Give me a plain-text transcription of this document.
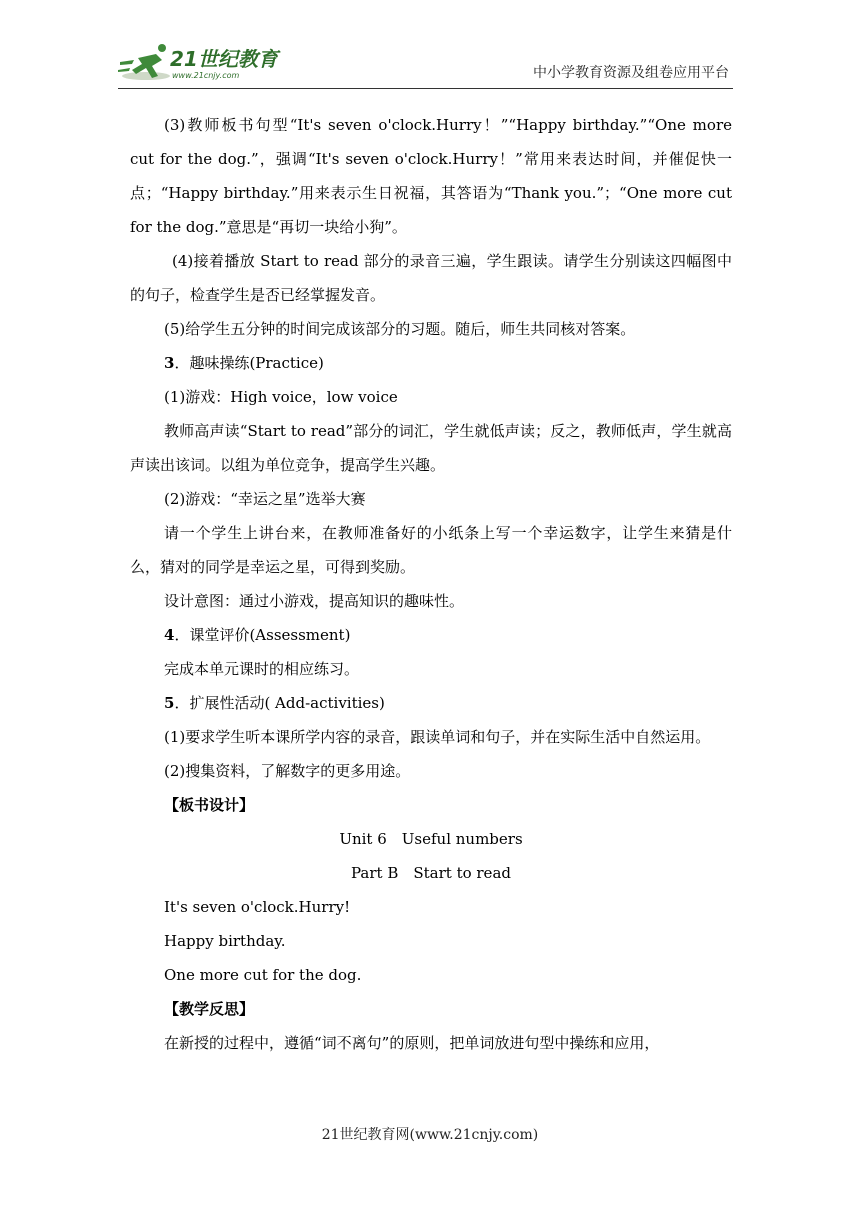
21世纪教育
www.21cnjy.com	中小学教育资源及组卷应用平台

(3)教师板书句型“It's seven o'clock.Hurry！”“Happy birthday.”“One more cut for the dog.”，强调“It's seven o'clock.Hurry！”常用来表达时间，并催促快一点；“Happy birthday.”用来表示生日祝福，其答语为“Thank you.”；“One more cut for the dog.”意思是“再切一块给小狗”。

(4)接着播放 Start to read 部分的录音三遍，学生跟读。请学生分别读这四幅图中的句子，检查学生是否已经掌握发音。

(5)给学生五分钟的时间完成该部分的习题。随后，师生共同核对答案。

3．趣味操练(Practice)

(1)游戏：High voice，low voice

教师高声读“Start to read”部分的词汇，学生就低声读；反之，教师低声，学生就高声读出该词。以组为单位竞争，提高学生兴趣。

(2)游戏：“幸运之星”选举大赛

请一个学生上讲台来，在教师准备好的小纸条上写一个幸运数字，让学生来猜是什么，猜对的同学是幸运之星，可得到奖励。

设计意图：通过小游戏，提高知识的趣味性。

4．课堂评价(Assessment)

完成本单元课时的相应练习。

5．扩展性活动( Add-activities)

(1)要求学生听本课所学内容的录音，跟读单词和句子，并在实际生活中自然运用。

(2)搜集资料，了解数字的更多用途。

【板书设计】

Unit 6　Useful numbers

Part B　Start to read

It's seven o'clock.Hurry!

Happy birthday.

One more cut for the dog.

【教学反思】

在新授的过程中，遵循“词不离句”的原则，把单词放进句型中操练和应用，

21世纪教育网(www.21cnjy.com)
